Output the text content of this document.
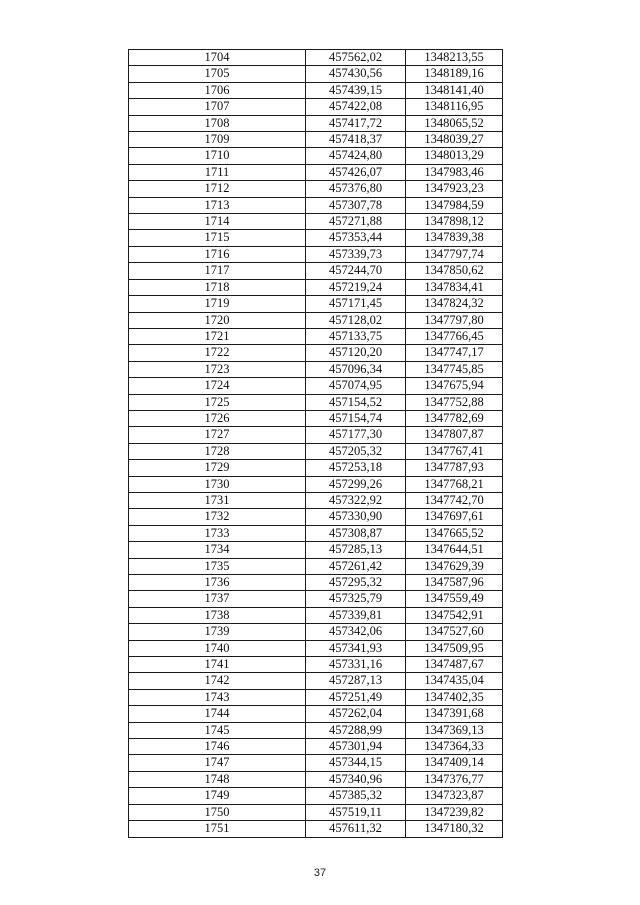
1704	457562,02	1348213,55
1705	457430,56	1348189,16
1706	457439,15	1348141,40
1707	457422,08	1348116,95
1708	457417,72	1348065,52
1709	457418,37	1348039,27
1710	457424,80	1348013,29
1711	457426,07	1347983,46
1712	457376,80	1347923,23
1713	457307,78	1347984,59
1714	457271,88	1347898,12
1715	457353,44	1347839,38
1716	457339,73	1347797,74
1717	457244,70	1347850,62
1718	457219,24	1347834,41
1719	457171,45	1347824,32
1720	457128,02	1347797,80
1721	457133,75	1347766,45
1722	457120,20	1347747,17
1723	457096,34	1347745,85
1724	457074,95	1347675,94
1725	457154,52	1347752,88
1726	457154,74	1347782,69
1727	457177,30	1347807,87
1728	457205,32	1347767,41
1729	457253,18	1347787,93
1730	457299,26	1347768,21
1731	457322,92	1347742,70
1732	457330,90	1347697,61
1733	457308,87	1347665,52
1734	457285,13	1347644,51
1735	457261,42	1347629,39
1736	457295,32	1347587,96
1737	457325,79	1347559,49
1738	457339,81	1347542,91
1739	457342,06	1347527,60
1740	457341,93	1347509,95
1741	457331,16	1347487,67
1742	457287,13	1347435,04
1743	457251,49	1347402,35
1744	457262,04	1347391,68
1745	457288,99	1347369,13
1746	457301,94	1347364,33
1747	457344,15	1347409,14
1748	457340,96	1347376,77
1749	457385,32	1347323,87
1750	457519,11	1347239,82
1751	457611,32	1347180,32
37
